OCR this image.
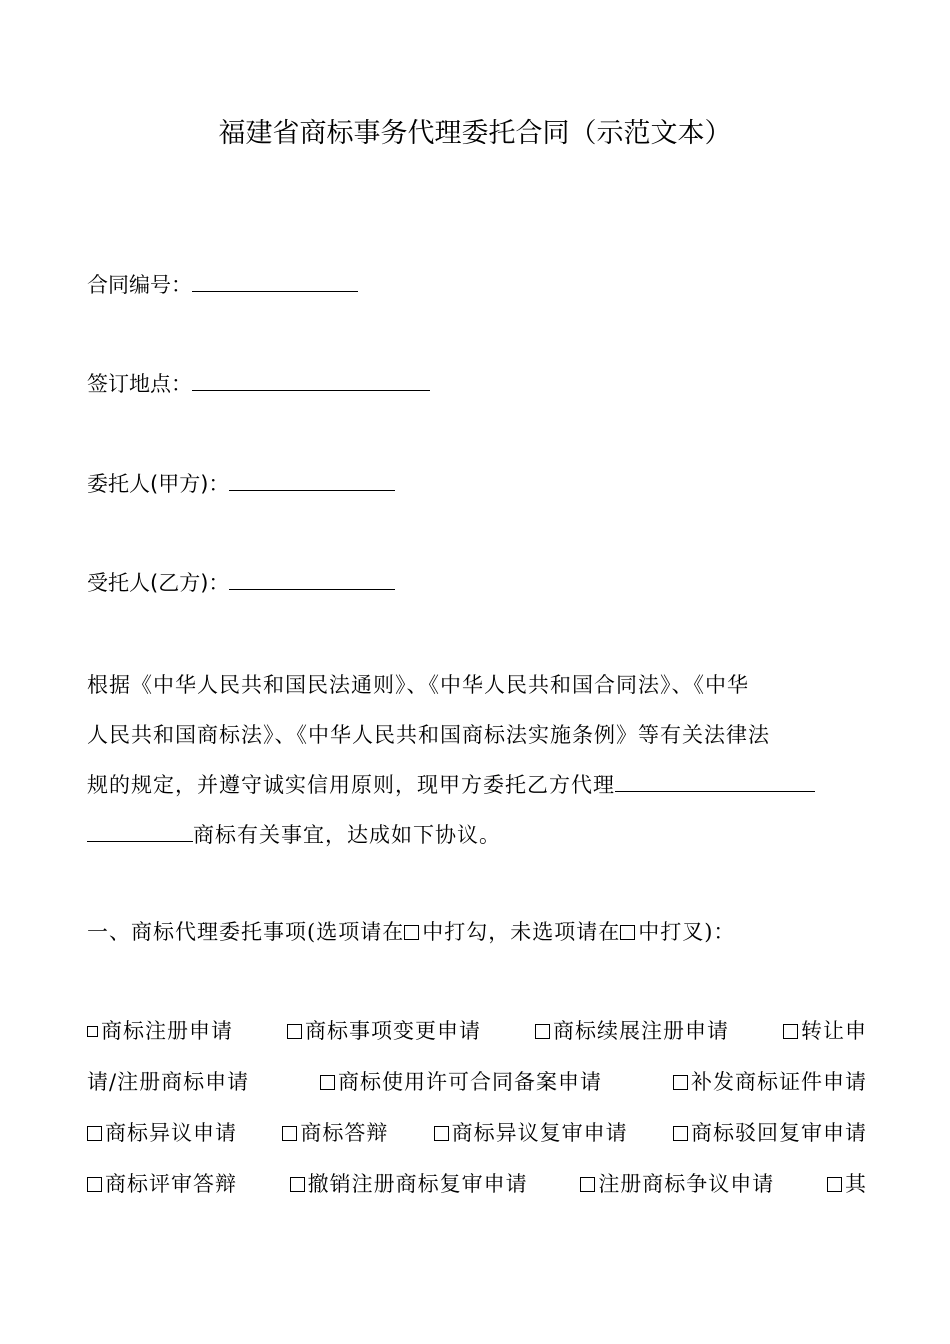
福建省商标事务代理委托合同（示范文本）
合同编号：
签订地点：
委托人(甲方)：
受托人(乙方)：
根据《中华人民共和国民法通则》、《中华人民共和国合同法》、《中华
人民共和国商标法》、《中华人民共和国商标法实施条例》等有关法律法
规的规定，并遵守诚实信用原则，现甲方委托乙方代理
商标有关事宜，达成如下协议。
一、商标代理委托事项(选项请在 中打勾，未选项请在 中打叉)：
商标注册申请	商标事项变更申请	商标续展注册申请	转让申
请/注册商标申请	商标使用许可合同备案申请	补发商标证件申请
商标异议申请	商标答辩	商标异议复审申请	商标驳回复审申请
商标评审答辩	撤销注册商标复审申请	注册商标争议申请	其
